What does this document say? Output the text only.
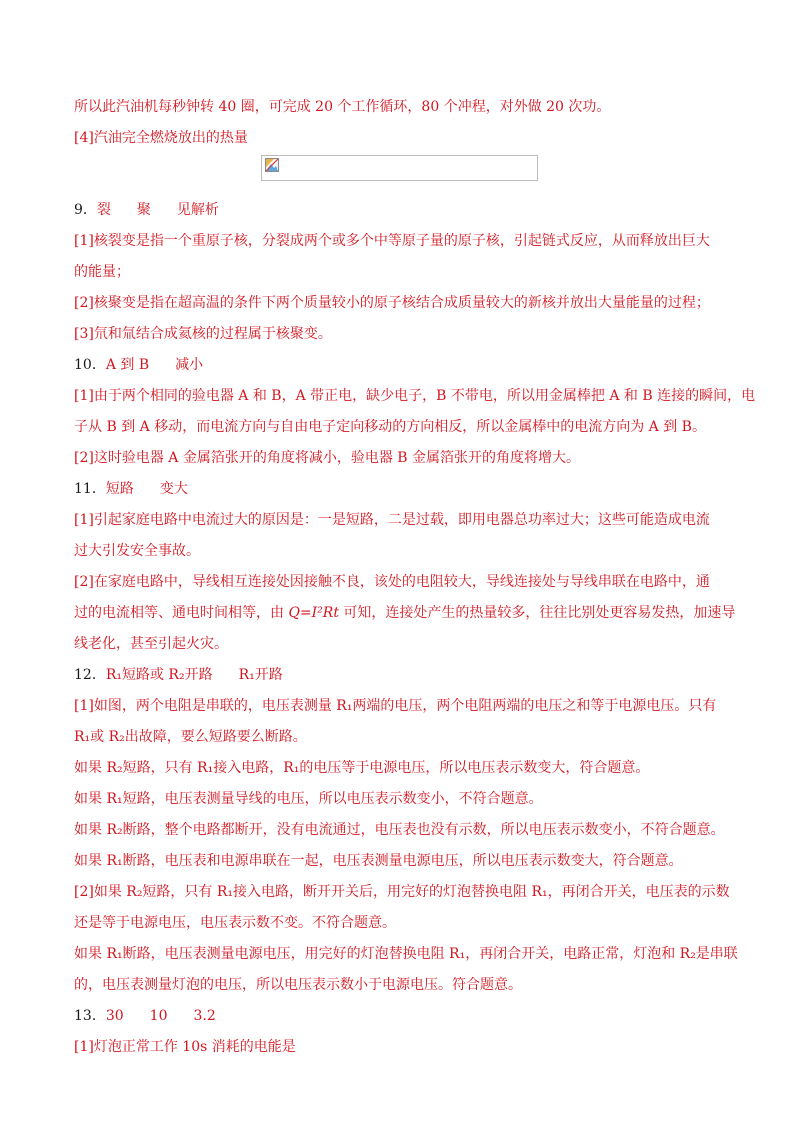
所以此汽油机每秒钟转 40 圈，可完成 20 个工作循环，80 个冲程，对外做 20 次功。
[4]汽油完全燃烧放出的热量
9．裂 聚 见解析
[1]核裂变是指一个重原子核，分裂成两个或多个中等原子量的原子核，引起链式反应，从而释放出巨大
的能量；
[2]核聚变是指在超高温的条件下两个质量较小的原子核结合成质量较大的新核并放出大量能量的过程；
[3]氘和氚结合成氦核的过程属于核聚变。
10．A 到 B 减小
[1]由于两个相同的验电器 A 和 B，A 带正电，缺少电子，B 不带电，所以用金属棒把 A 和 B 连接的瞬间，电
子从 B 到 A 移动，而电流方向与自由电子定向移动的方向相反，所以金属棒中的电流方向为 A 到 B。
[2]这时验电器 A 金属箔张开的角度将减小，验电器 B 金属箔张开的角度将增大。
11．短路 变大
[1]引起家庭电路中电流过大的原因是：一是短路，二是过载，即用电器总功率过大；这些可能造成电流
过大引发安全事故。
[2]在家庭电路中，导线相互连接处因接触不良，该处的电阻较大，导线连接处与导线串联在电路中，通
过的电流相等、通电时间相等，由 Q=I²Rt 可知，连接处产生的热量较多，往往比别处更容易发热，加速导
线老化，甚至引起火灾。
12．R₁短路或 R₂开路 R₁开路
[1]如图，两个电阻是串联的，电压表测量 R₁两端的电压，两个电阻两端的电压之和等于电源电压。只有
R₁或 R₂出故障，要么短路要么断路。
如果 R₂短路，只有 R₁接入电路，R₁的电压等于电源电压，所以电压表示数变大，符合题意。
如果 R₁短路，电压表测量导线的电压，所以电压表示数变小，不符合题意。
如果 R₂断路，整个电路都断开，没有电流通过，电压表也没有示数，所以电压表示数变小，不符合题意。
如果 R₁断路，电压表和电源串联在一起，电压表测量电源电压，所以电压表示数变大，符合题意。
[2]如果 R₂短路，只有 R₁接入电路，断开开关后，用完好的灯泡替换电阻 R₁，再闭合开关，电压表的示数
还是等于电源电压，电压表示数不变。不符合题意。
如果 R₁断路，电压表测量电源电压，用完好的灯泡替换电阻 R₁，再闭合开关，电路正常，灯泡和 R₂是串联
的，电压表测量灯泡的电压，所以电压表示数小于电源电压。符合题意。
13．30 10 3.2
[1]灯泡正常工作 10s 消耗的电能是
